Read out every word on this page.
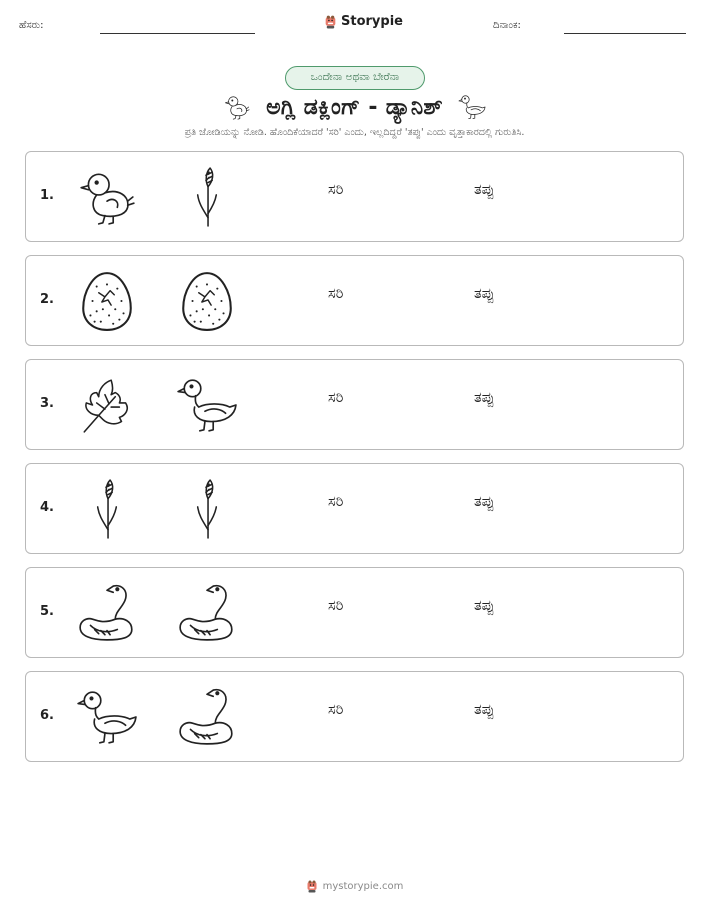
ಹೆಸರು:	Storypie	ದಿನಾಂಕ:
ಒಂದೇನಾ ಅಥವಾ ಬೇರೆನಾ
ಅಗ್ಲಿ ಡಕ್ಲಿಂಗ್ - ಡ್ಯಾನಿಶ್
ಪ್ರತಿ ಜೋಡಿಯನ್ನು ನೋಡಿ. ಹೊಂದಿಕೆಯಾದರೆ 'ಸರಿ' ಎಂದು, ಇಲ್ಲದಿದ್ದರೆ 'ತಪ್ಪು' ಎಂದು ವೃತ್ತಾಕಾರದಲ್ಲಿ ಗುರುತಿಸಿ.
1.	ಸರಿ	ತಪ್ಪು
2.	ಸರಿ	ತಪ್ಪು
3.	ಸರಿ	ತಪ್ಪು
4.	ಸರಿ	ತಪ್ಪು
5.	ಸರಿ	ತಪ್ಪು
6.	ಸರಿ	ತಪ್ಪು
mystorypie.com
